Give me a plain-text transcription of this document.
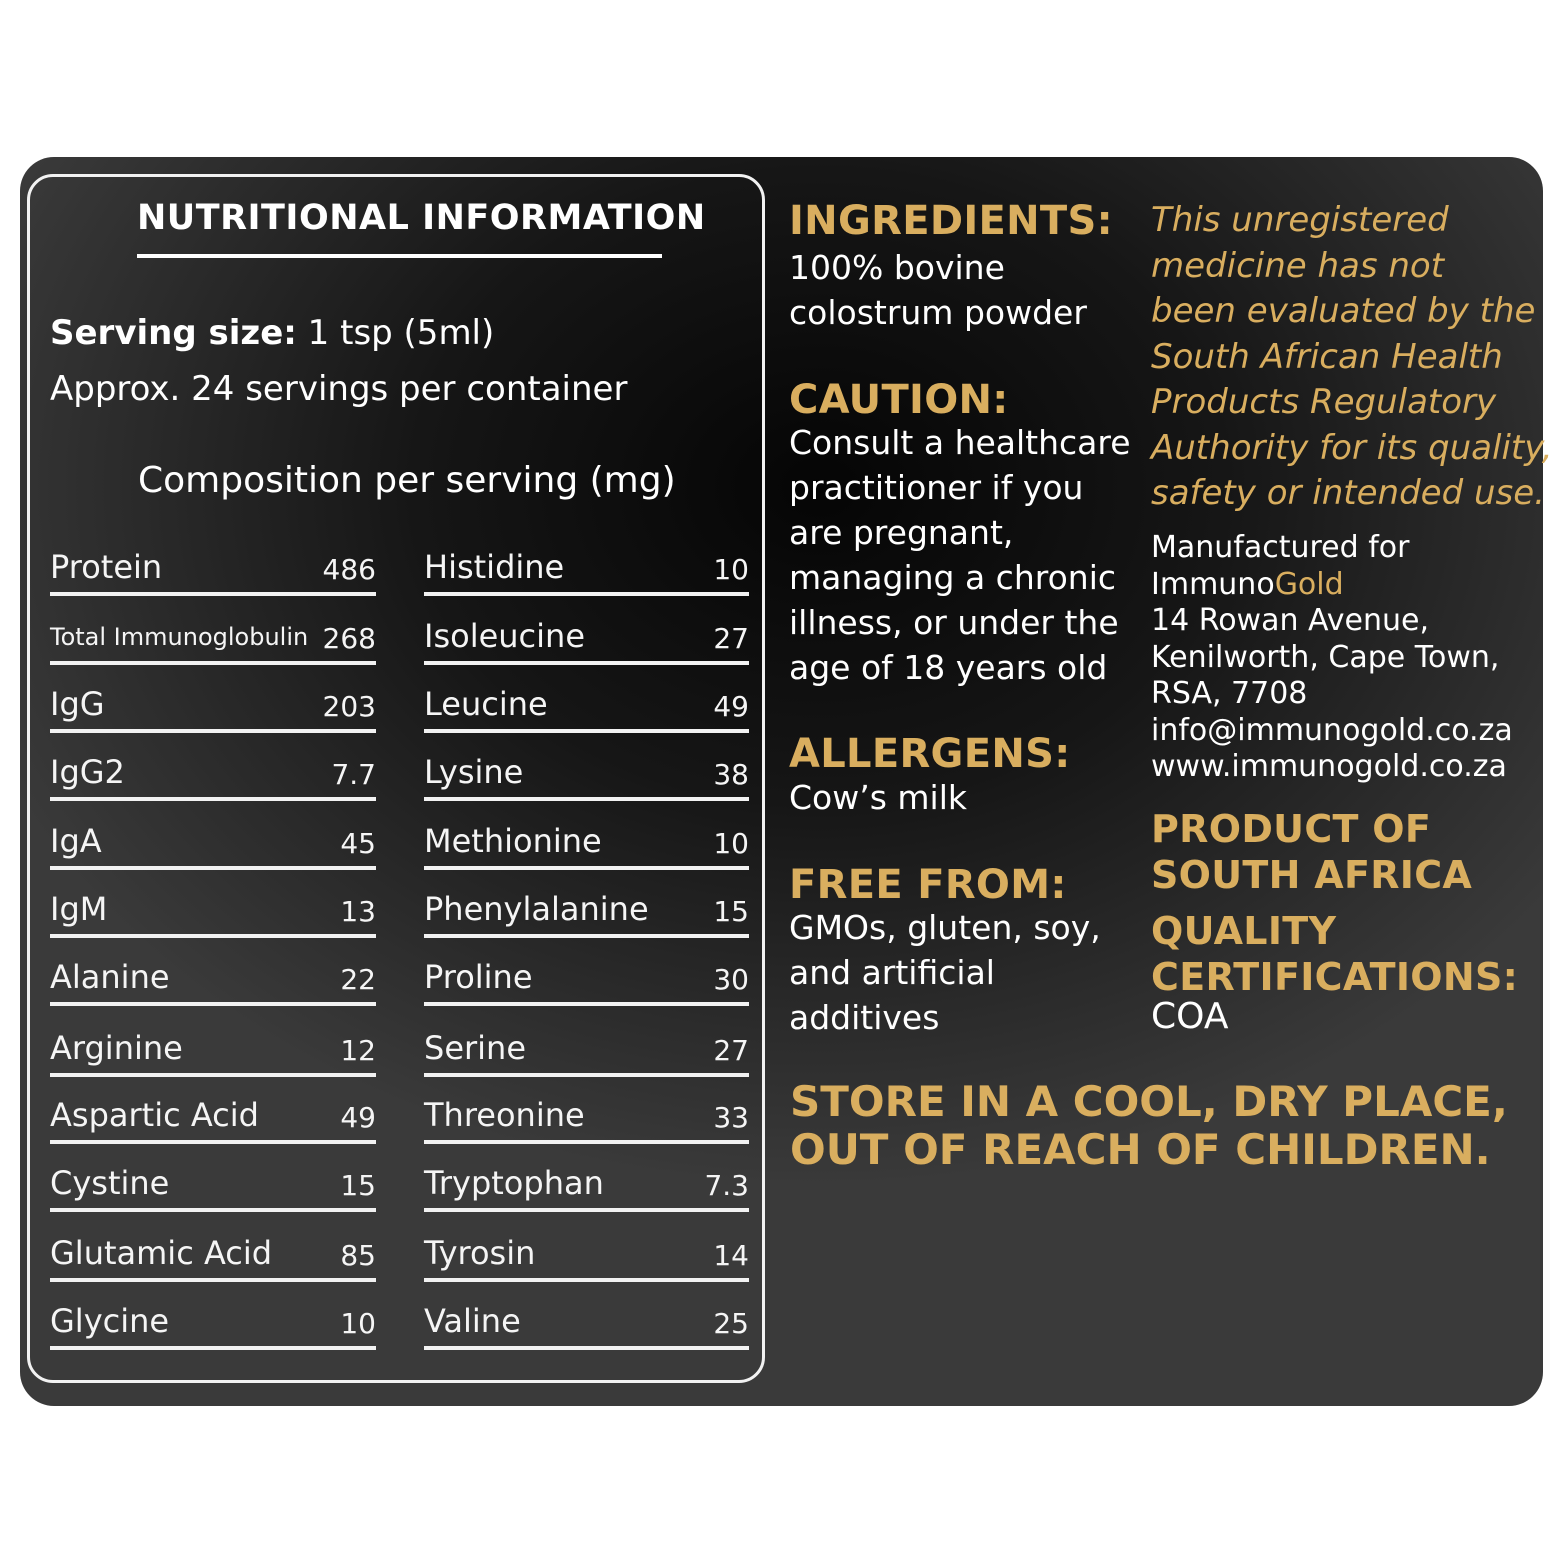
NUTRITIONAL INFORMATION
Serving size: 1 tsp (5ml)
Approx. 24 servings per container
Composition per serving (mg)
Protein	486
Total Immunoglobulin 268
IgG	203
IgG2	7.7
IgA	45
IgM	13
Alanine	22
Arginine	12
Aspartic Acid	49
Cystine	15
Glutamic Acid 85
Glycine	10
Histidine	10
Isoleucine	27
Leucine	49
Lysine	38
Methionine	10
Phenylalanine 15
Proline	30
Serine	27
Threonine	33
Tryptophan	7.3
Tyrosin	14
Valine	25
INGREDIENTS:
100% bovine
colostrum powder
CAUTION:
Consult a healthcare
practitioner if you
are pregnant,
managing a chronic
illness, or under the
age of 18 years old
ALLERGENS:
Cow’s milk
FREE FROM:
GMOs, gluten, soy,
and artificial
additives
This unregistered
medicine has not
been evaluated by the
South African Health
Products Regulatory
Authority for its quality,
safety or intended use.
Manufactured for
ImmunoGold
14 Rowan Avenue,
Kenilworth, Cape Town,
RSA, 7708
info@immunogold.co.za
www.immunogold.co.za
PRODUCT OF
SOUTH AFRICA
QUALITY
CERTIFICATIONS:
COA
STORE IN A COOL, DRY PLACE,
OUT OF REACH OF CHILDREN.
